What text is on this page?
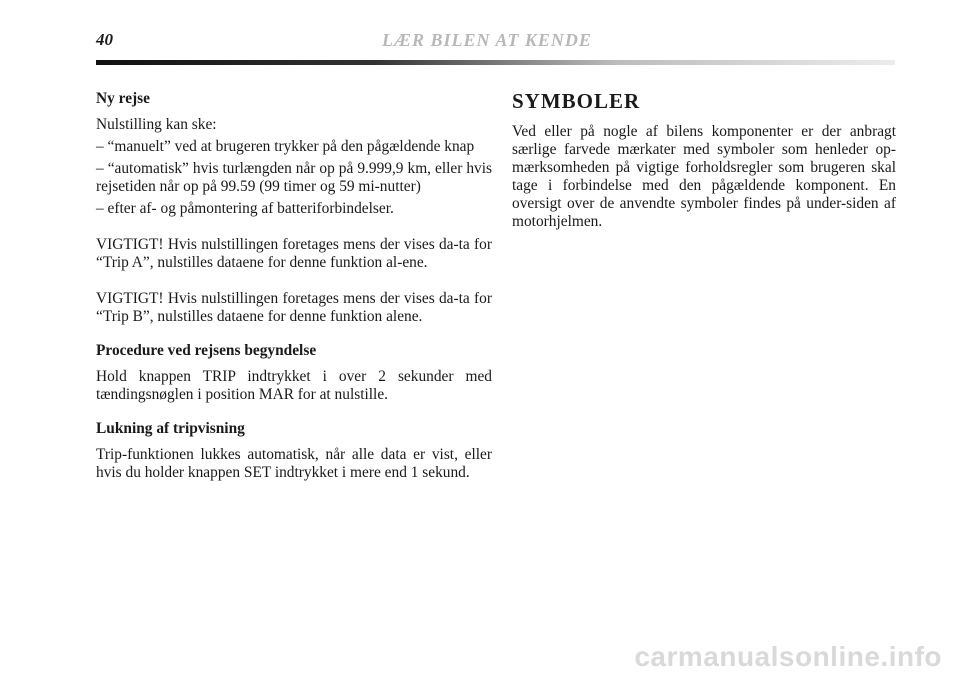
40	LÆR BILEN AT KENDE
Ny rejse
Nulstilling kan ske:
– “manuelt” ved at brugeren trykker på den pågældende knap
– “automatisk” hvis turlængden når op på 9.999,9 km, eller hvis rejsetiden når op på 99.59 (99 timer og 59 mi-nutter)
– efter af- og påmontering af batteriforbindelser.
VIGTIGT! Hvis nulstillingen foretages mens der vises da-ta for “Trip A”, nulstilles dataene for denne funktion al-ene.
VIGTIGT! Hvis nulstillingen foretages mens der vises da-ta for “Trip B”, nulstilles dataene for denne funktion alene.
Procedure ved rejsens begyndelse
Hold knappen TRIP indtrykket i over 2 sekunder med tændingsnøglen i position MAR for at nulstille.
Lukning af tripvisning
Trip-funktionen lukkes automatisk, når alle data er vist, eller hvis du holder knappen SET indtrykket i mere end 1 sekund.
SYMBOLER
Ved eller på nogle af bilens komponenter er der anbragt særlige farvede mærkater med symboler som henleder op-mærksomheden på vigtige forholdsregler som brugeren skal tage i forbindelse med den pågældende komponent. En oversigt over de anvendte symboler findes på under-siden af motorhjelmen.
carmanualsonline.info
